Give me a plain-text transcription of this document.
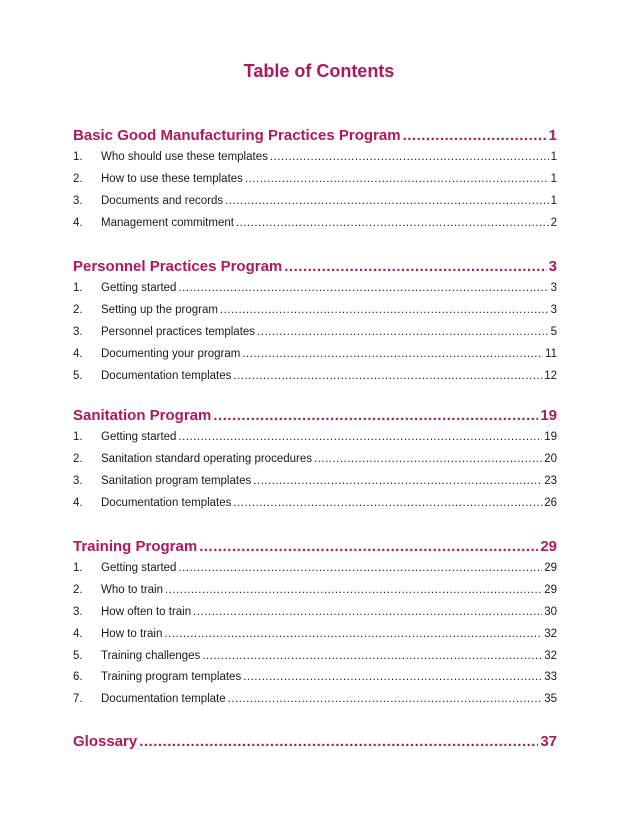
Table of Contents
Basic Good Manufacturing Practices Program .....	1
1.	Who should use these templates .....	1
2.	How to use these templates .....	1
3.	Documents and records .....	1
4.	Management commitment .....	2
Personnel Practices Program .....	3
1.	Getting started .....	3
2.	Setting up the program .....	3
3.	Personnel practices templates .....	5
4.	Documenting your program .....	11
5.	Documentation templates .....	12
Sanitation Program .....	19
1.	Getting started .....	19
2.	Sanitation standard operating procedures .....	20
3.	Sanitation program templates .....	23
4.	Documentation templates .....	26
Training Program .....	29
1.	Getting started .....	29
2.	Who to train .....	29
3.	How often to train .....	30
4.	How to train .....	32
5.	Training challenges .....	32
6.	Training program templates .....	33
7.	Documentation template .....	35
Glossary .....	37
